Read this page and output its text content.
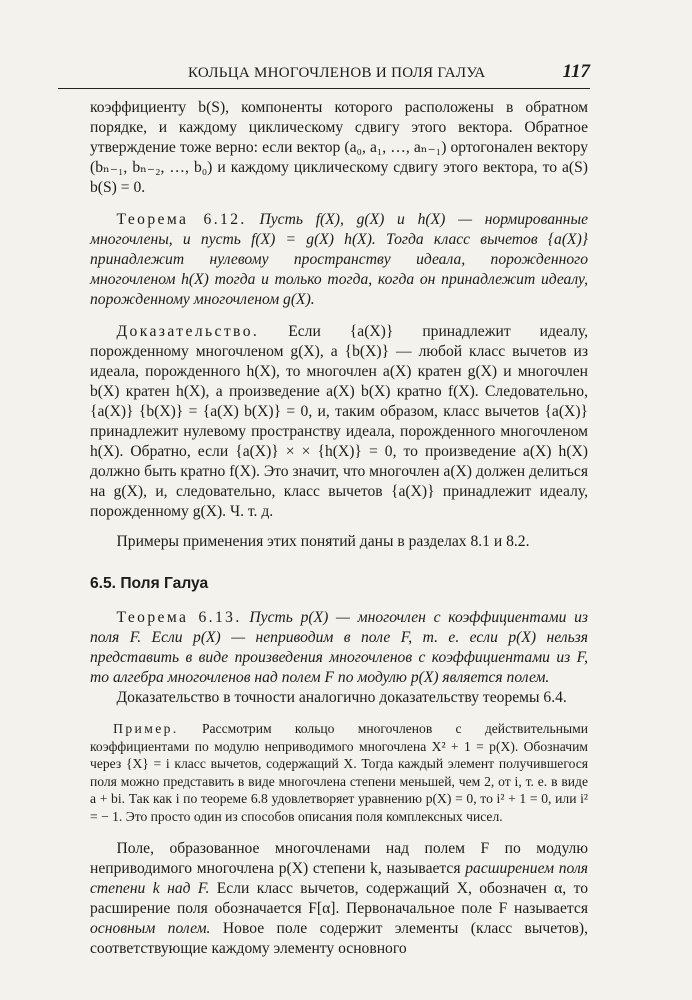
КОЛЬЦА МНОГОЧЛЕНОВ И ПОЛЯ ГАЛУА	117

коэффициенту b(S), компоненты которого расположены в обратном порядке, и каждому циклическому сдвигу этого вектора. Обратное утверждение тоже верно: если вектор (a₀, a₁, …, aₙ₋₁) ортогонален вектору (bₙ₋₁, bₙ₋₂, …, b₀) и каждому циклическому сдвигу этого вектора, то a(S) b(S) = 0.

Теорема 6.12. Пусть f(X), g(X) и h(X) — нормированные многочлены, и пусть f(X) = g(X) h(X). Тогда класс вычетов {a(X)} принадлежит нулевому пространству идеала, порожденного многочленом h(X) тогда и только тогда, когда он принадлежит идеалу, порожденному многочленом g(X).

Доказательство. Если {a(X)} принадлежит идеалу, порожденному многочленом g(X), а {b(X)} — любой класс вычетов из идеала, порожденного h(X), то многочлен a(X) кратен g(X) и многочлен b(X) кратен h(X), а произведение a(X) b(X) кратно f(X). Следовательно, {a(X)} {b(X)} = {a(X) b(X)} = 0, и, таким образом, класс вычетов {a(X)} принадлежит нулевому пространству идеала, порожденного многочленом h(X). Обратно, если {a(X)} × × {h(X)} = 0, то произведение a(X) h(X) должно быть кратно f(X). Это значит, что многочлен a(X) должен делиться на g(X), и, следовательно, класс вычетов {a(X)} принадлежит идеалу, порожденному g(X). Ч. т. д.

Примеры применения этих понятий даны в разделах 8.1 и 8.2.

6.5. Поля Галуа

Теорема 6.13. Пусть p(X) — многочлен с коэффициентами из поля F. Если p(X) — неприводим в поле F, т. е. если p(X) нельзя представить в виде произведения многочленов с коэффициентами из F, то алгебра многочленов над полем F по модулю p(X) является полем.

Доказательство в точности аналогично доказательству теоремы 6.4.

Пример. Рассмотрим кольцо многочленов с действительными коэффициентами по модулю неприводимого многочлена X² + 1 = p(X). Обозначим через {X} = i класс вычетов, содержащий X. Тогда каждый элемент получившегося поля можно представить в виде многочлена степени меньшей, чем 2, от i, т. е. в виде a + bi. Так как i по теореме 6.8 удовлетворяет уравнению p(X) = 0, то i² + 1 = 0, или i² = − 1. Это просто один из способов описания поля комплексных чисел.

Поле, образованное многочленами над полем F по модулю неприводимого многочлена p(X) степени k, называется расширением поля степени k над F. Если класс вычетов, содержащий X, обозначен α, то расширение поля обозначается F[α]. Первоначальное поле F называется основным полем. Новое поле содержит элементы (класс вычетов), соответствующие каждому элементу основного
